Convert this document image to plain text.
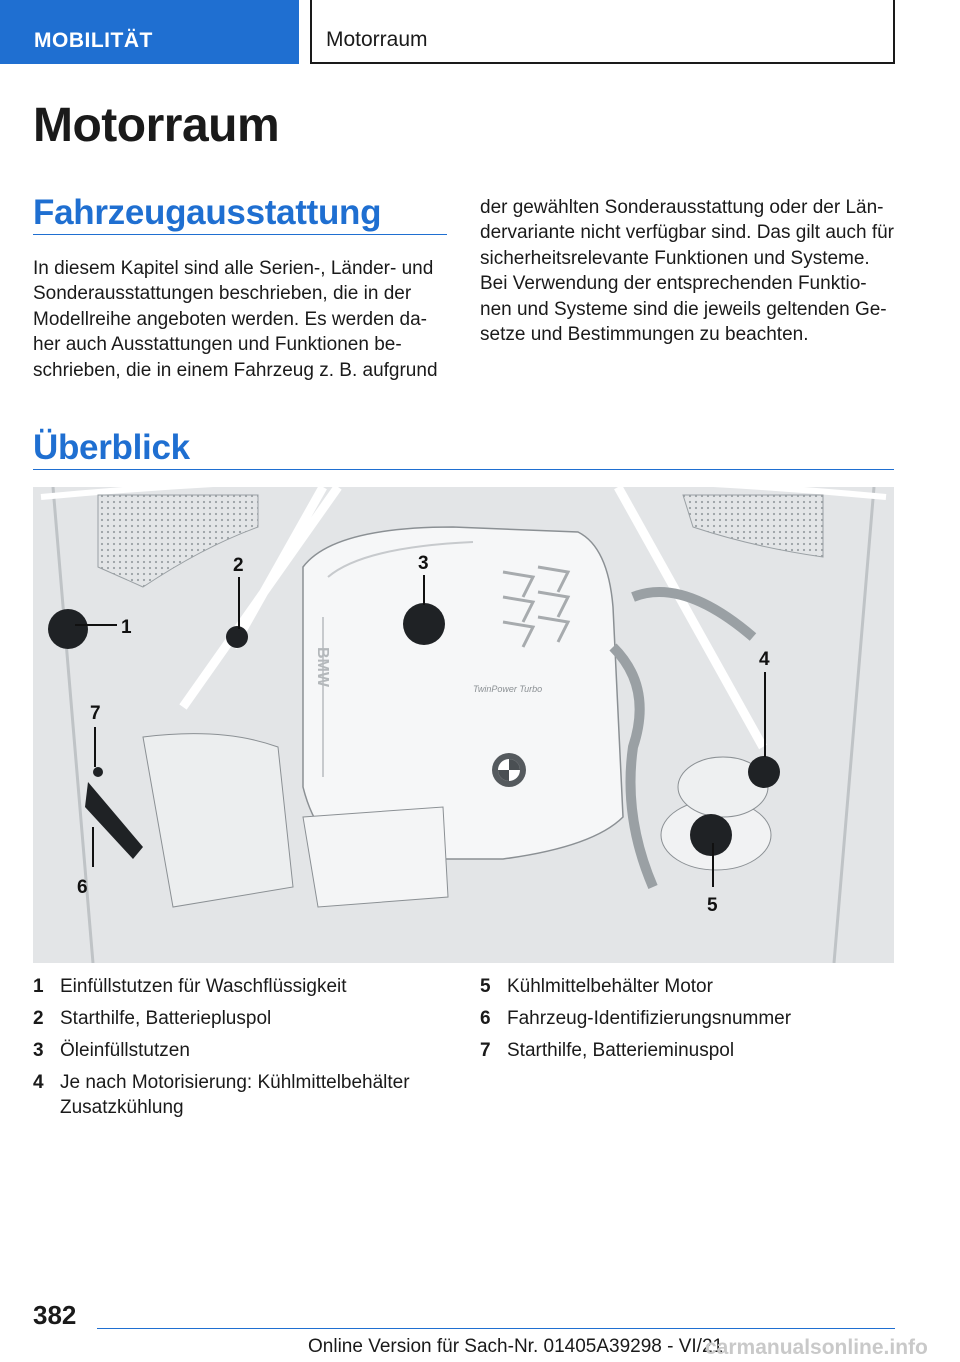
MOBILITÄT	Motorraum
Motorraum
Fahrzeugausstattung

In diesem Kapitel sind alle Serien-, Länder- und
Sonderausstattungen beschrieben, die in der
Modellreihe angeboten werden. Es werden da-
her auch Ausstattungen und Funktionen be-
schrieben, die in einem Fahrzeug z. B. aufgrund

der gewählten Sonderausstattung oder der Län-
dervariante nicht verfügbar sind. Das gilt auch für
sicherheitsrelevante Funktionen und Systeme.
Bei Verwendung der entsprechenden Funktio-
nen und Systeme sind die jeweils geltenden Ge-
setze und Bestimmungen zu beachten.

Überblick
BMW
TwinPower Turbo
1
2	3
4
5
6
7
1 Einfüllstutzen für Waschflüssigkeit
2 Starthilfe, Batteriepluspol
3 Öleinfüllstutzen
4 Je nach Motorisierung: Kühlmittelbehälter
Zusatzkühlung
5 Kühlmittelbehälter Motor
6 Fahrzeug-Identifizierungsnummer
7 Starthilfe, Batterieminuspol
382
Online Version für Sach-Nr. 01405A39298 - VI/21
carmanualsonline.info
